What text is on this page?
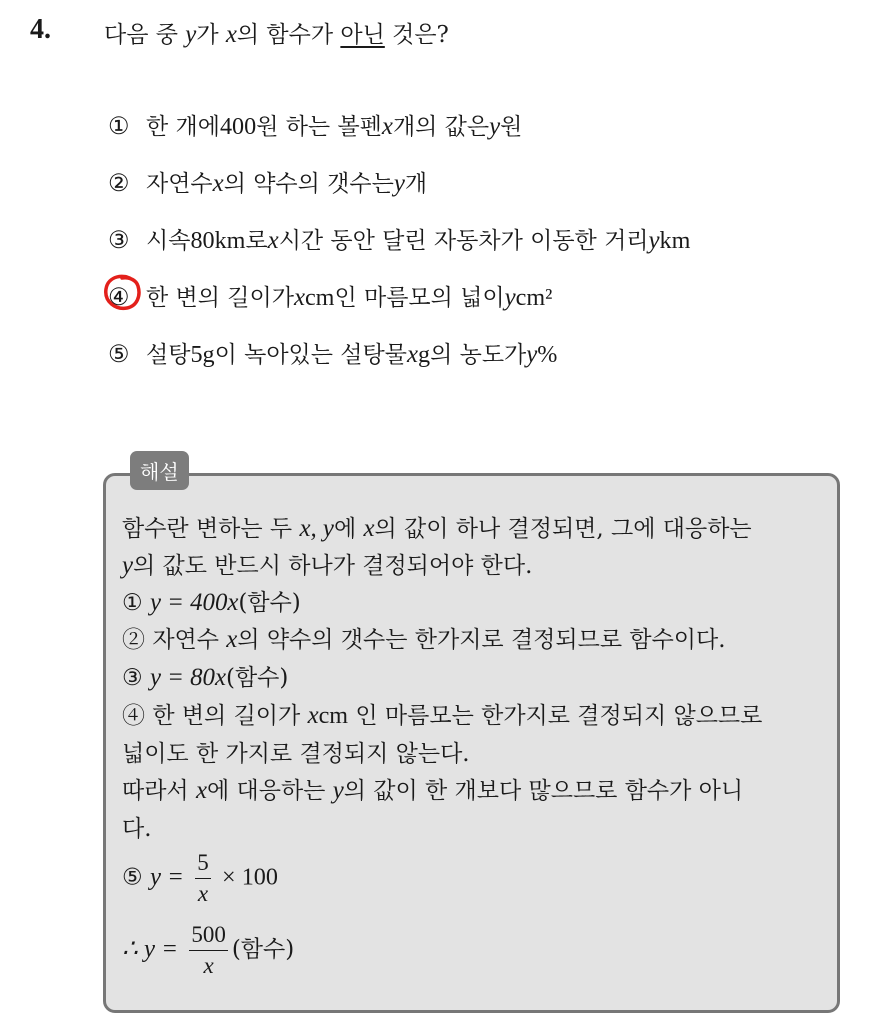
4. 다음 중 y가 x의 함수가 아닌 것은?
① 한 개에 400 원 하는 볼펜 x 개의 값은 y 원
② 자연수 x 의 약수의 갯수는 y 개
③ 시속 80 km 로 x 시간 동안 달린 자동차가 이동한 거리 y km
④ 한 변의 길이가 x cm 인 마름모의 넓이 y cm²
⑤ 설탕 5 g 이 녹아있는 설탕물 x g 의 농도가 y %
해설
함수란 변하는 두 x, y에 x의 값이 하나 결정되면, 그에 대응하는
y의 값도 반드시 하나가 결정되어야 한다.
① y = 400x(함수)
② 자연수 x의 약수의 갯수는 한가지로 결정되므로 함수이다.
③ y = 80x(함수)
④ 한 변의 길이가 xcm 인 마름모는 한가지로 결정되지 않으므로
넓이도 한 가지로 결정되지 않는다.
따라서 x에 대응하는 y의 값이 한 개보다 많으므로 함수가 아니
다.
⑤ $y = \frac{5}{x} \times 100$
∴ $y = \frac{500}{x}$ (함수)
